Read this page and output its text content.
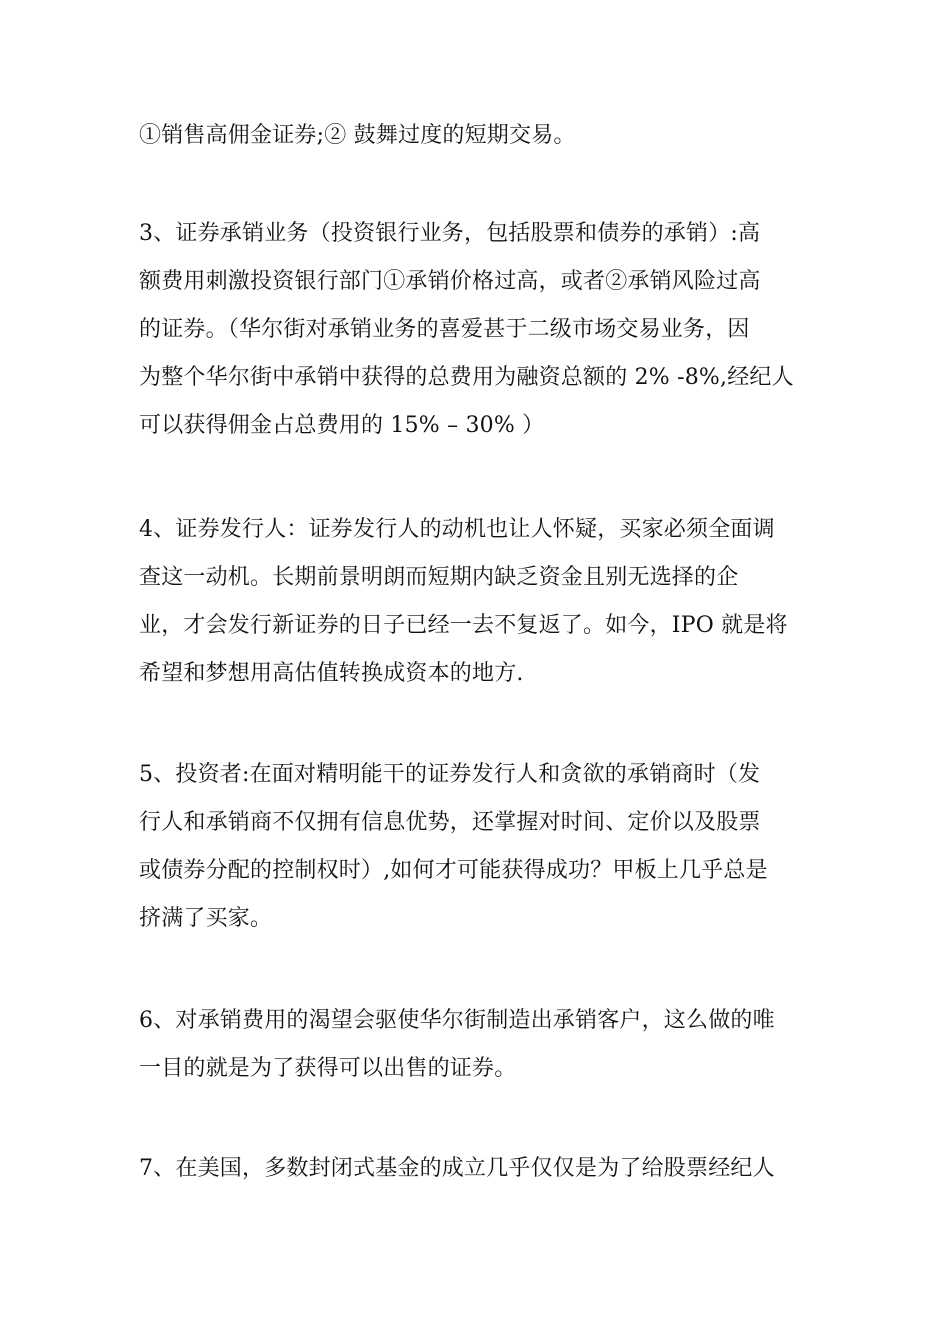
①销售高佣金证券;② 鼓舞过度的短期交易。
3、证券承销业务（投资银行业务，包括股票和债券的承销）:高
额费用刺激投资银行部门①承销价格过高，或者②承销风险过高
的证券。（华尔街对承销业务的喜爱甚于二级市场交易业务，因
为整个华尔街中承销中获得的总费用为融资总额的 2% -8%,经纪人
可以获得佣金占总费用的 15% – 30% ）
4、证券发行人：证券发行人的动机也让人怀疑，买家必须全面调
查这一动机。长期前景明朗而短期内缺乏资金且别无选择的企
业，才会发行新证券的日子已经一去不复返了。如今，IPO 就是将
希望和梦想用高估值转换成资本的地方.
5、投资者:在面对精明能干的证券发行人和贪欲的承销商时（发
行人和承销商不仅拥有信息优势，还掌握对时间、定价以及股票
或债券分配的控制权时）,如何才可能获得成功？甲板上几乎总是
挤满了买家。
6、对承销费用的渴望会驱使华尔街制造出承销客户，这么做的唯
一目的就是为了获得可以出售的证券。
7、在美国，多数封闭式基金的成立几乎仅仅是为了给股票经纪人
